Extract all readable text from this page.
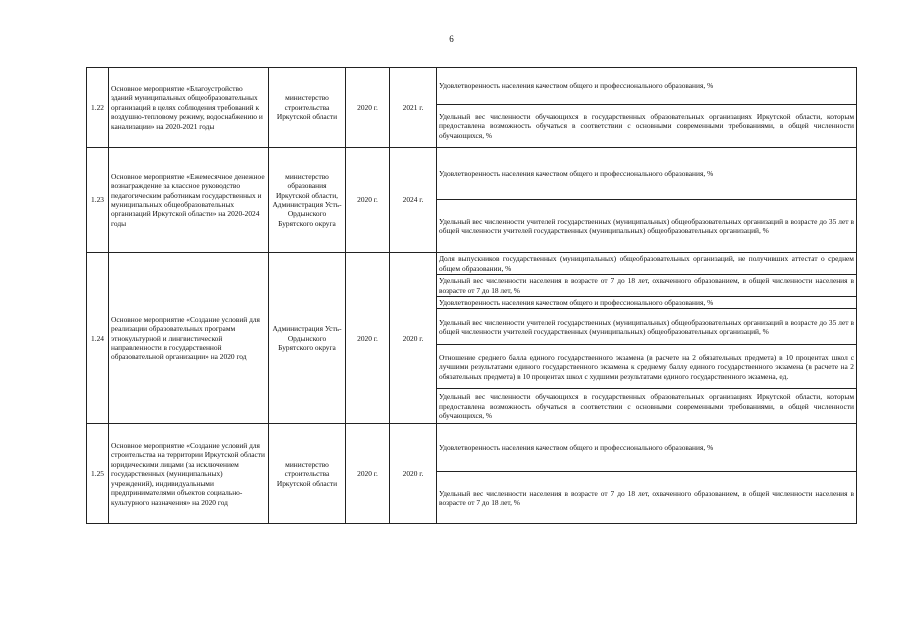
6
1.22	Основное мероприятие «Благоустройство зданий муниципальных общеобразовательных организаций в целях соблюдения требований к воздушно-тепловому режиму, водоснабжению и канализации» на 2020-2021 годы	министерство строительства Иркутской области	2020 г.	2021 г.	Удовлетворенность населения качеством общего и профессионального образования, %
					Удельный вес численности обучающихся в государственных образовательных организациях Иркутской области, которым предоставлена возможность обучаться в соответствии с основными современными требованиями, в общей численности обучающихся, %
1.23	Основное мероприятие «Ежемесячное денежное вознаграждение за классное руководство педагогическим работникам государственных и муниципальных общеобразовательных организаций Иркутской области» на 2020-2024 годы	министерство образования Иркутской области, Администрация Усть-Ордынского Бурятского округа	2020 г.	2024 г.	Удовлетворенность населения качеством общего и профессионального образования, %
					Удельный вес численности учителей государственных (муниципальных) общеобразовательных организаций в возрасте до 35 лет в общей численности учителей государственных (муниципальных) общеобразовательных организаций, %
1.24	Основное мероприятие «Создание условий для реализации образовательных программ этнокультурной и лингвистической направленности в государственной образовательной организации» на 2020 год	Администрация Усть-Ордынского Бурятского округа	2020 г.	2020 г.	Доля выпускников государственных (муниципальных) общеобразовательных организаций, не получивших аттестат о среднем общем образовании, %
					Удельный вес численности населения в возрасте от 7 до 18 лет, охваченного образованием, в общей численности населения в возрасте от 7 до 18 лет, %
					Удовлетворенность населения качеством общего и профессионального образования, %
					Удельный вес численности учителей государственных (муниципальных) общеобразовательных организаций в возрасте до 35 лет в общей численности учителей государственных (муниципальных) общеобразовательных организаций, %
					Отношение среднего балла единого государственного экзамена (в расчете на 2 обязательных предмета) в 10 процентах школ с лучшими результатами единого государственного экзамена к среднему баллу единого государственного экзамена (в расчете на 2 обязательных предмета) в 10 процентах школ с худшими результатами единого государственного экзамена, ед.
					Удельный вес численности обучающихся в государственных образовательных организациях Иркутской области, которым предоставлена возможность обучаться в соответствии с основными современными требованиями, в общей численности обучающихся, %
1.25	Основное мероприятие «Создание условий для строительства на территории Иркутской области юридическими лицами (за исключением государственных (муниципальных) учреждений), индивидуальными предпринимателями объектов социально-культурного назначения» на 2020 год	министерство строительства Иркутской области	2020 г.	2020 г.	Удовлетворенность населения качеством общего и профессионального образования, %
					Удельный вес численности населения в возрасте от 7 до 18 лет, охваченного образованием, в общей численности населения в возрасте от 7 до 18 лет, %
